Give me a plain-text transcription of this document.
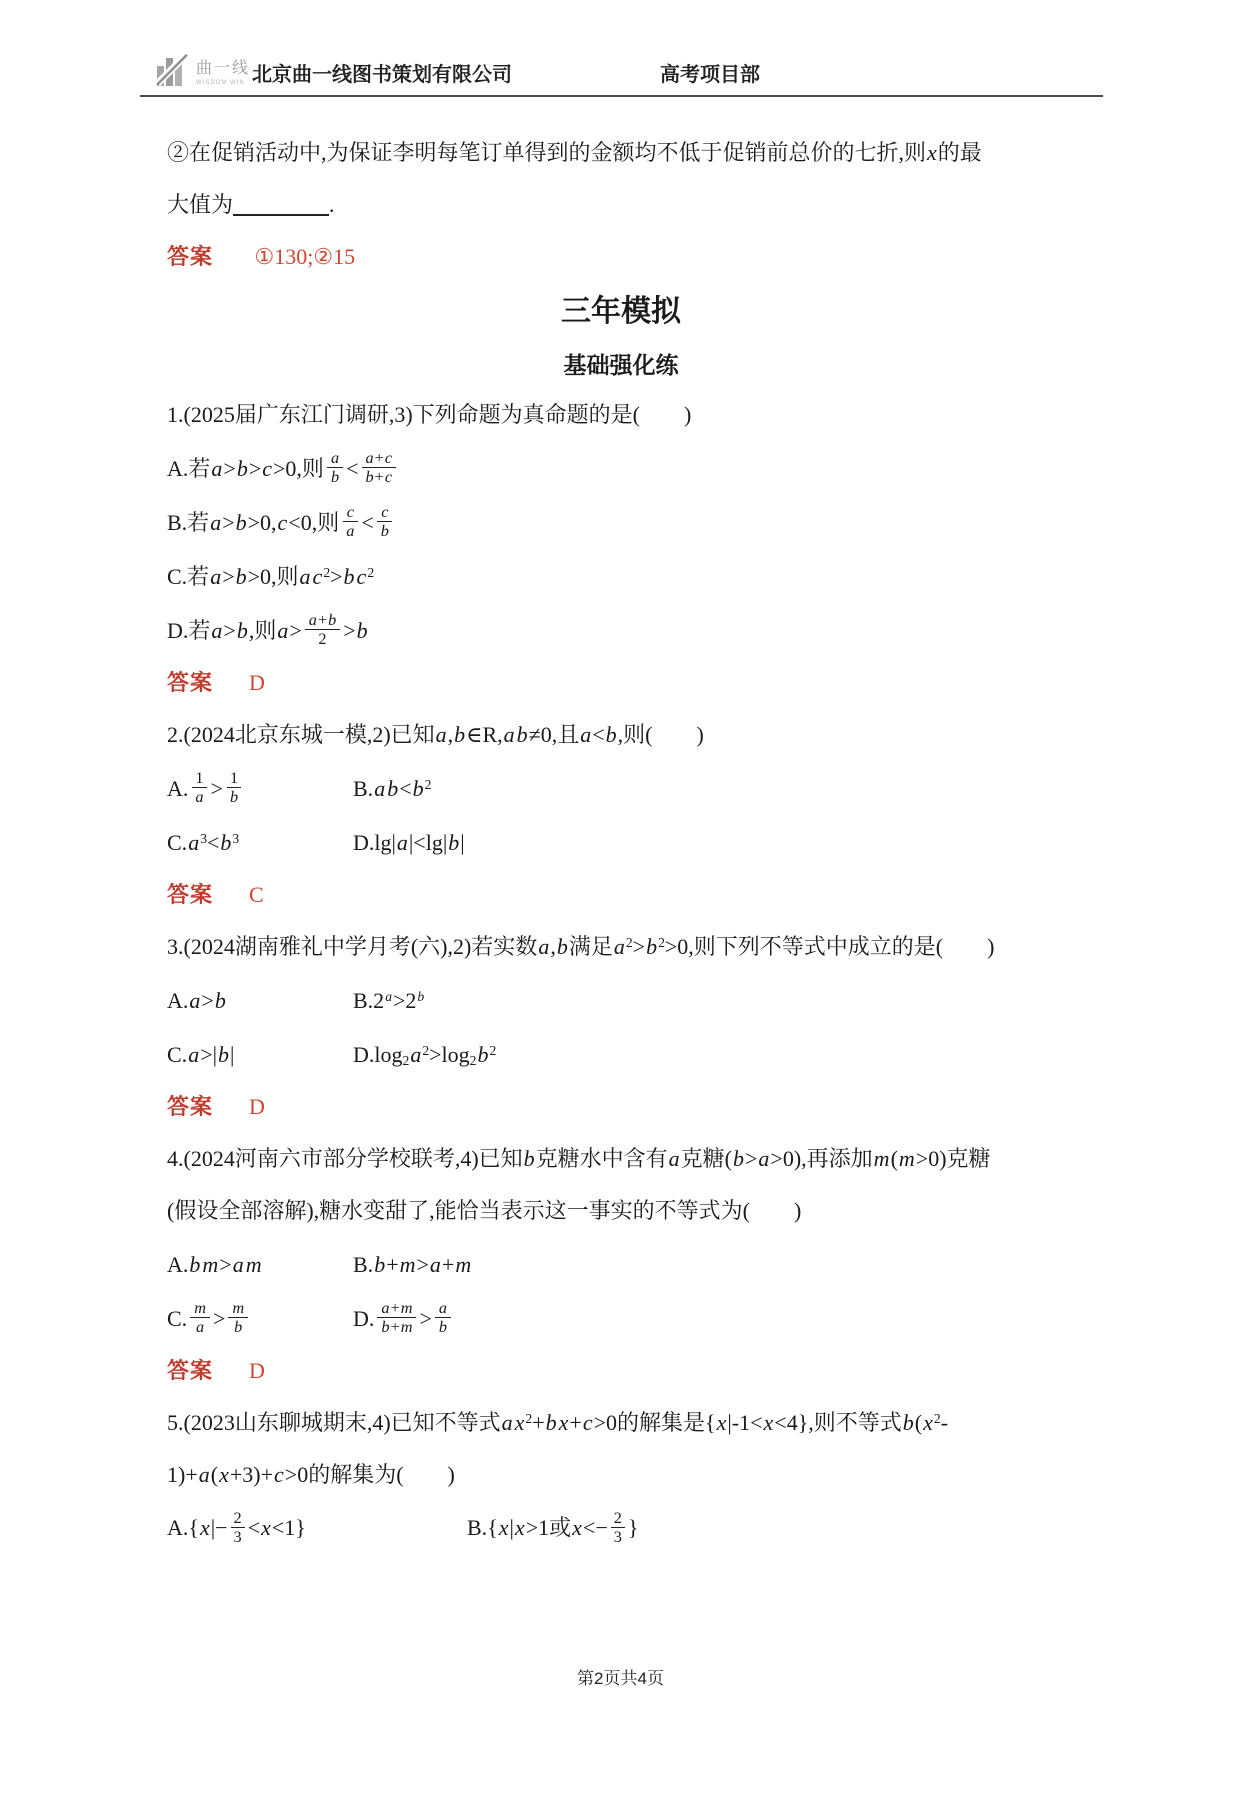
曲一线
WISDOM WIN 北京曲一线图书策划有限公司	高考项目部
②在促销活动中,为保证李明每笔订单得到的金额均不低于促销前总价的七折,则x的最
大值为	.
答案 ①130;②15
三年模拟
基础强化练
1.(2025届广东江门调研,3)下列命题为真命题的是(　　)
A.若a>b>c>0,则 $\frac{a}{b} < \frac{a+c}{b+c}$
B.若a>b>0,c<0,则 $\frac{c}{a} < \frac{c}{b}$
C.若a>b>0,则$ac^2>bc^2$
D.若a>b,则$a> \frac{a+b}{2} >b$
答案 D
2.(2024北京东城一模,2)已知a,b∈R,ab≠0,且a<b,则(　　)
A. $\frac{1}{a} > \frac{1}{b}$	$B.ab<b^2$
$C.a^3<b^3$	D.lg|a|<lg|b|
答案 C
3.(2024湖南雅礼中学月考(六),2)若实数a,b满足$a^2>b^2>0$,则下列不等式中成立的是(　　)
A.a>b	$B.2^a>2^b$
C.a>|b|	$D.\log_2a^2>\log_2b^2$
答案 D
4.(2024河南六市部分学校联考,4)已知b克糖水中含有a克糖(b>a>0),再添加m(m>0)克糖
(假设全部溶解),糖水变甜了,能恰当表示这一事实的不等式为(　　)
A.bm>am	B.b+m>a+m
C. $\frac{m}{a} > \frac{m}{b}$	D. $\frac{a+m}{b+m} > \frac{a}{b}$
答案 D
5.(2023山东聊城期末,4)已知不等式$ax^2+bx+c>0$的解集是{x|-1<x<4},则不等式$b(x^2-$
1)+a(x+3)+c>0的解集为(　　)
$A.\{x|- \frac{2}{3} <x<1\}$	B.{x|x>1或$x<- \frac{2}{3}$ }
第2页共4页
